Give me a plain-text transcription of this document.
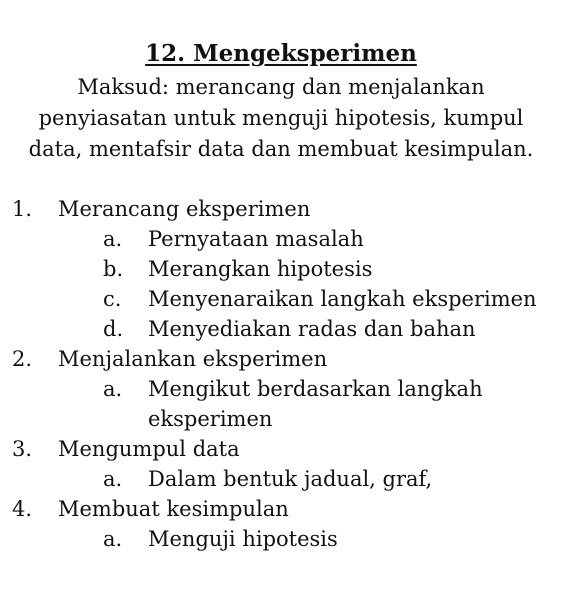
12. Mengeksperimen
Maksud: merancang dan menjalankan
penyiasatan untuk menguji hipotesis, kumpul
data, mentafsir data dan membuat kesimpulan.
1. Merancang eksperimen
a. Pernyataan masalah
b. Merangkan hipotesis
c. Menyenaraikan langkah eksperimen
d. Menyediakan radas dan bahan
2. Menjalankan eksperimen
a. Mengikut berdasarkan langkah
eksperimen
3. Mengumpul data
a. Dalam bentuk jadual, graf,
4. Membuat kesimpulan
a. Menguji hipotesis
